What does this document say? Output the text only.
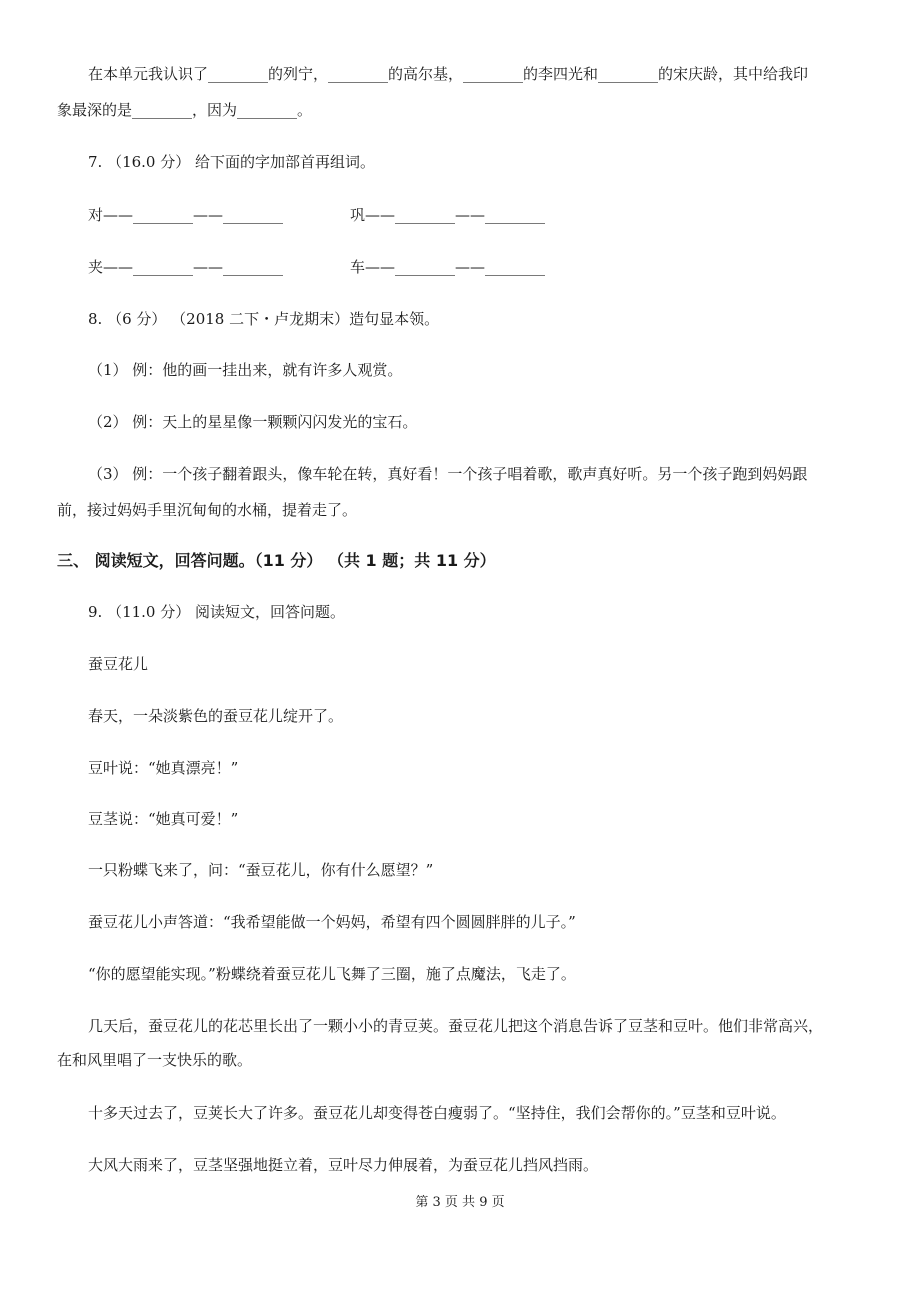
在本单元我认识了________的列宁，________的高尔基，________的李四光和________的宋庆龄，其中给我印
象最深的是________，因为________。
7. （16.0 分） 给下面的字加部首再组词。
对——________——________	巩——________——________
夹——________——________	车——________——________
8. （6 分） （2018 二下・卢龙期末）造句显本领。
（1） 例：他的画一挂出来，就有许多人观赏。
（2） 例：天上的星星像一颗颗闪闪发光的宝石。
（3） 例：一个孩子翻着跟头，像车轮在转，真好看！一个孩子唱着歌，歌声真好听。另一个孩子跑到妈妈跟
前，接过妈妈手里沉甸甸的水桶，提着走了。
三、 阅读短文，回答问题。（11 分） （共 1 题；共 11 分）
9. （11.0 分） 阅读短文，回答问题。
蚕豆花儿
春天，一朵淡紫色的蚕豆花儿绽开了。
豆叶说：“她真漂亮！”
豆茎说：“她真可爱！”
一只粉蝶飞来了，问：“蚕豆花儿，你有什么愿望？”
蚕豆花儿小声答道：“我希望能做一个妈妈，希望有四个圆圆胖胖的儿子。”
“你的愿望能实现。”粉蝶绕着蚕豆花儿飞舞了三圈，施了点魔法，飞走了。
几天后，蚕豆花儿的花芯里长出了一颗小小的青豆荚。蚕豆花儿把这个消息告诉了豆茎和豆叶。他们非常高兴，
在和风里唱了一支快乐的歌。
十多天过去了，豆荚长大了许多。蚕豆花儿却变得苍白瘦弱了。“坚持住，我们会帮你的。”豆茎和豆叶说。
大风大雨来了，豆茎坚强地挺立着，豆叶尽力伸展着，为蚕豆花儿挡风挡雨。
第 3 页 共 9 页
